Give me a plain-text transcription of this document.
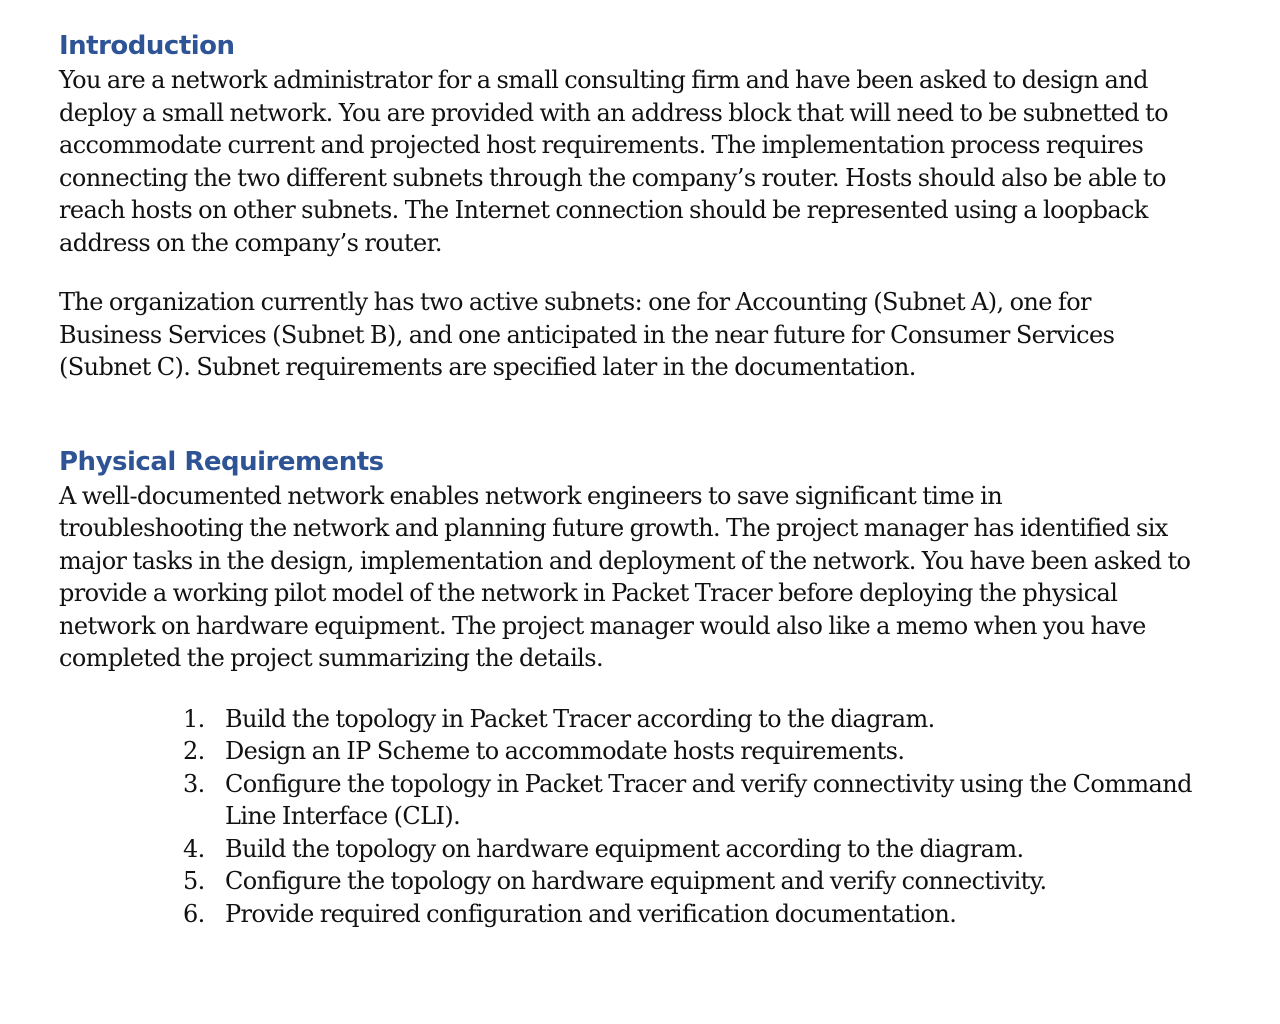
Introduction

You are a network administrator for a small consulting firm and have been asked to design and
deploy a small network. You are provided with an address block that will need to be subnetted to
accommodate current and projected host requirements. The implementation process requires
connecting the two different subnets through the company’s router. Hosts should also be able to
reach hosts on other subnets. The Internet connection should be represented using a loopback
address on the company’s router.

The organization currently has two active subnets: one for Accounting (Subnet A), one for
Business Services (Subnet B), and one anticipated in the near future for Consumer Services
(Subnet C). Subnet requirements are specified later in the documentation.

Physical Requirements

A well-documented network enables network engineers to save significant time in
troubleshooting the network and planning future growth. The project manager has identified six
major tasks in the design, implementation and deployment of the network. You have been asked to
provide a working pilot model of the network in Packet Tracer before deploying the physical
network on hardware equipment. The project manager would also like a memo when you have
completed the project summarizing the details.

1. Build the topology in Packet Tracer according to the diagram.
2. Design an IP Scheme to accommodate hosts requirements.
3. Configure the topology in Packet Tracer and verify connectivity using the Command
Line Interface (CLI).
4. Build the topology on hardware equipment according to the diagram.
5. Configure the topology on hardware equipment and verify connectivity.
6. Provide required configuration and verification documentation.
